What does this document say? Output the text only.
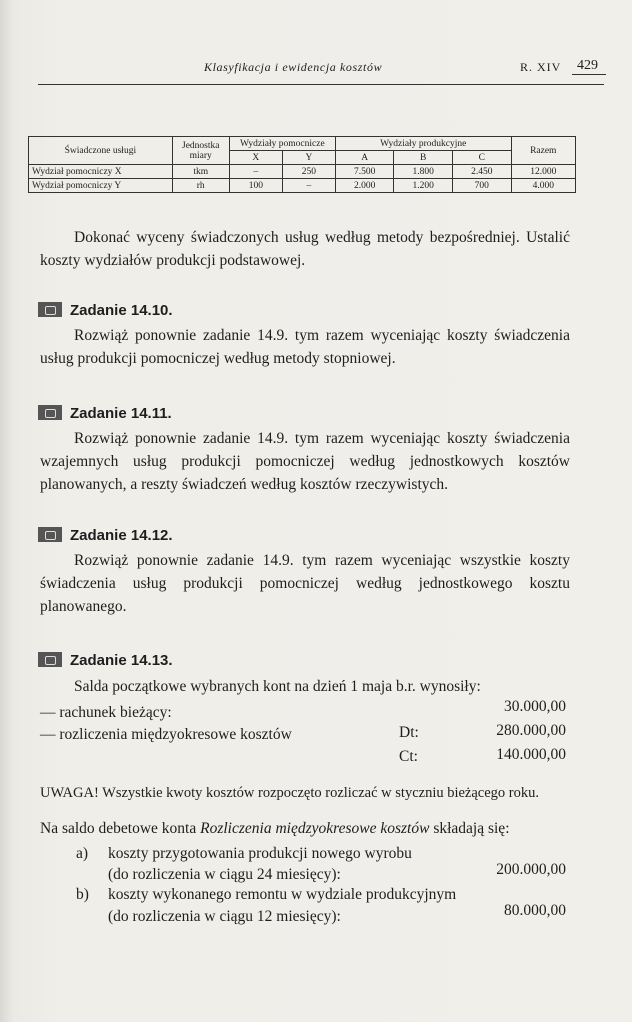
Klasyfikacja i ewidencja kosztów	R. XIV 429
Świadczone usługi	Jednostka miary	Wydziały pomocnicze		Wydziały produkcyjne			Razem
		X	Y	A	B	C	
Wydział pomocniczy X	tkm	–	250	7.500	1.800	2.450	12.000
Wydział pomocniczy Y	rh	100	–	2.000	1.200	700	4.000
Dokonać wyceny świadczonych usług według metody bezpośredniej. Ustalić koszty wydziałów produkcji podstawowej.
Zadanie 14.10.
Rozwiąż ponownie zadanie 14.9. tym razem wyceniając koszty świadczenia usług produkcji pomocniczej według metody stopniowej.
Zadanie 14.11.
Rozwiąż ponownie zadanie 14.9. tym razem wyceniając koszty świadczenia wzajemnych usług produkcji pomocniczej według jednostkowych kosztów planowanych, a reszty świadczeń według kosztów rzeczywistych.
Zadanie 14.12.
Rozwiąż ponownie zadanie 14.9. tym razem wyceniając wszystkie koszty świadczenia usług produkcji pomocniczej według jednostkowego kosztu planowanego.
Zadanie 14.13.
Salda początkowe wybranych kont na dzień 1 maja b.r. wynosiły:
— rachunek bieżący:	30.000,00
— rozliczenia międzyokresowe kosztów	Dt:	280.000,00
Ct:	140.000,00
UWAGA! Wszystkie kwoty kosztów rozpoczęto rozliczać w styczniu bieżącego roku.
Na saldo debetowe konta Rozliczenia międzyokresowe kosztów składają się:
a) koszty przygotowania produkcji nowego wyrobu
(do rozliczenia w ciągu 24 miesięcy):	200.000,00
b) koszty wykonanego remontu w wydziale produkcyjnym
(do rozliczenia w ciągu 12 miesięcy):	80.000,00
